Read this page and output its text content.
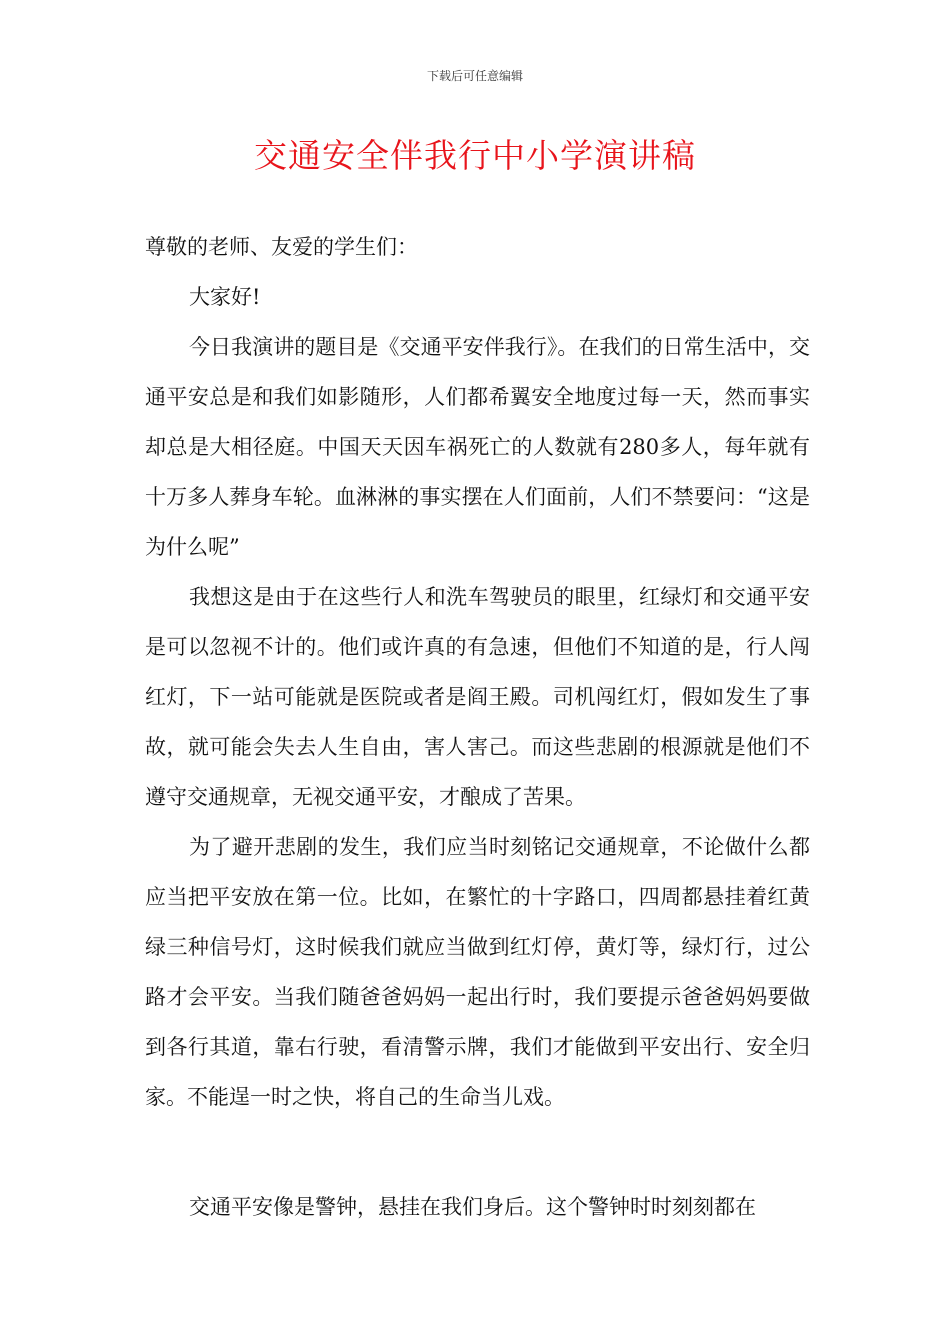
下载后可任意编辑
交通安全伴我行中小学演讲稿

尊敬的老师、友爱的学生们：

大家好!

今日我演讲的题目是《交通平安伴我行》。在我们的日常生活中，交通平安总是和我们如影随形，人们都希翼安全地度过每一天，然而事实却总是大相径庭。中国天天因车祸死亡的人数就有280多人，每年就有十万多人葬身车轮。血淋淋的事实摆在人们面前，人们不禁要问：“这是为什么呢”

我想这是由于在这些行人和洗车驾驶员的眼里，红绿灯和交通平安是可以忽视不计的。他们或许真的有急速，但他们不知道的是，行人闯红灯，下一站可能就是医院或者是阎王殿。司机闯红灯，假如发生了事故，就可能会失去人生自由，害人害己。而这些悲剧的根源就是他们不遵守交通规章，无视交通平安，才酿成了苦果。

为了避开悲剧的发生，我们应当时刻铭记交通规章，不论做什么都应当把平安放在第一位。比如，在繁忙的十字路口，四周都悬挂着红黄绿三种信号灯，这时候我们就应当做到红灯停，黄灯等，绿灯行，过公路才会平安。当我们随爸爸妈妈一起出行时，我们要提示爸爸妈妈要做到各行其道，靠右行驶，看清警示牌，我们才能做到平安出行、安全归家。不能逞一时之快，将自己的生命当儿戏。

交通平安像是警钟，悬挂在我们身后。这个警钟时时刻刻都在
